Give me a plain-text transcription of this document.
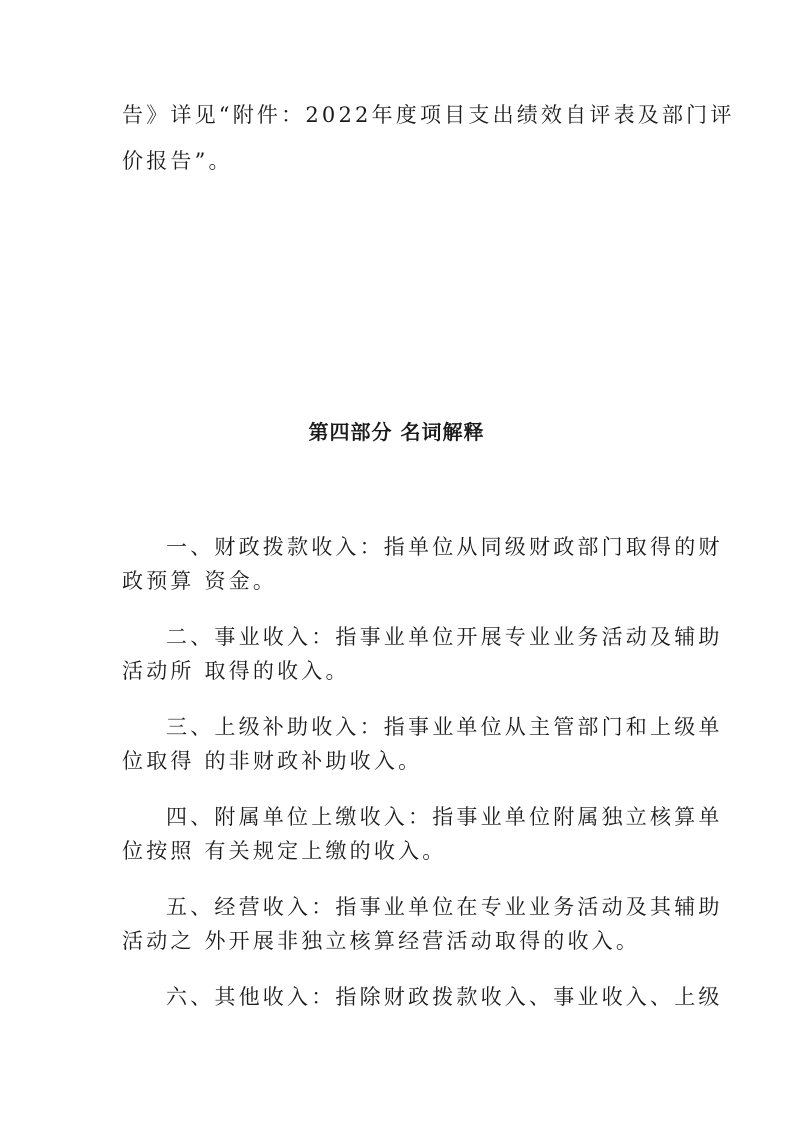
告》详见“附件：2022年度项目支出绩效自评表及部门评
价报告”。
第四部分 名词解释
一、财政拨款收入：指单位从同级财政部门取得的财
政预算 资金。
二、事业收入：指事业单位开展专业业务活动及辅助
活动所 取得的收入。
三、上级补助收入：指事业单位从主管部门和上级单
位取得 的非财政补助收入。
四、附属单位上缴收入：指事业单位附属独立核算单
位按照 有关规定上缴的收入。
五、经营收入：指事业单位在专业业务活动及其辅助
活动之 外开展非独立核算经营活动取得的收入。
六、其他收入：指除财政拨款收入、事业收入、上级
